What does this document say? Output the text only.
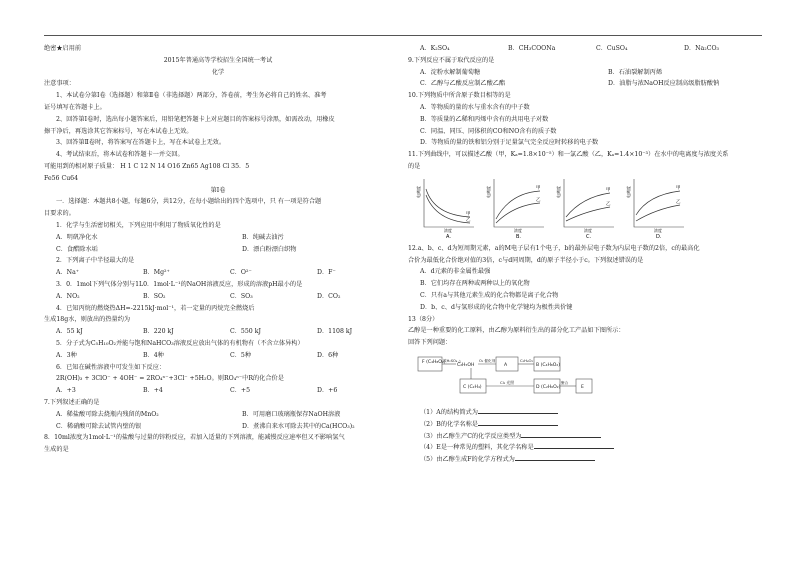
绝密★启用前
2015年普通高等学校招生全国统一考试
化学
注意事项：
1、本试卷分第Ⅰ卷（选择题）和第Ⅱ卷（非选择题）两部分，答卷前，考生务必将自己的姓名、准考
证号填写在答题卡上。
2、回答第Ⅰ卷时，选出每小题答案后，用铅笔把答题卡上对应题目的答案标号涂黑，如需改动，用橡皮
擦干净后，再选涂其它答案标号，写在本试卷上无效。
3、回答第Ⅱ卷时，将答案写在答题卡上，写在本试卷上无效。
4、考试结束后，将本试卷和答题卡一并交回。
可能用到的相对原子质量： H 1 C 12 N 14 O16 Zn65 Ag108 Cl 35．5
Fe56 Cu64
第Ⅰ卷
一．选择题：本题共8小题，每题6分，共12分，在每小题给出的四个选项中，只 有一项是符合题
目要求的。
1．化学与生活密切相关，下列应用中利用了物质氧化性的是
A．明矾净化水	B．纯碱去油污
C．食醋除水垢	D．漂白粉漂白织物
2．下列离子中半径最大的是
A．Na⁺	B．Mg²⁺	C．O²⁻	D．F⁻
3．0．1mol下列气体分别与1L0．1mol·L⁻¹的NaOH溶液反应，形成的溶液pH最小的是
A．NO₂	B．SO₂	C．SO₃	D．CO₂
4．已知丙烷的燃烧热ΔH=-2215kJ·mol⁻¹，若一定量的丙烷完全燃烧后
生成18g水，则放出的热量约为
A．55 kJ	B．220 kJ	C．550 kJ	D．1108 kJ
5．分子式为C₅H₁₀O₂并能与饱和NaHCO₃溶液反应放出气体的有机物有（不含立体异构）
A．3种	B．4种	C．5种	D．6种
6．已知在碱性溶液中可发生如下反应：
2R(OH)₃ + 3ClO⁻ + 4OH⁻ = 2RO₄ⁿ⁻+3Cl⁻ +5H₂O。则RO₄ⁿ⁻中R的化合价是
A．+3	B．+4	C．+5	D．+6
7.下列叙述正确的是
A．稀盐酸可除去烧瓶内残留的MnO₂	B．可用磨口玻璃瓶保存NaOH溶液
C．稀硝酸可除去试管内壁的银	D．煮沸自来水可除去其中的Ca(HCO₃)₂
8．10ml浓度为1mol·L⁻¹的盐酸与过量的锌粉反应，若加入适量的下列溶液，能减慢反应速率但又不影响氢气
生成的是
A．K₂SO₄	B．CH₃COONa	C．CuSO₄	D．Na₂CO₃
9.下列反应不属于取代反应的是
A．淀粉水解制葡萄糖	B．石油裂解制丙烯
C．乙醇与乙酸反应制乙酸乙酯	D．油脂与浓NaOH反应制高级脂肪酸钠
10.下列物质中所含原子数目相等的是
A．等物质的量的水与重水含有的中子数
B．等质量的乙稀和丙烯中含有的共用电子对数
C．同温、同压、同体积的CO和NO含有的质子数
D．等物质的量的铁和铝分别于足量氯气完全反应时转移的电子数
11.下列曲线中，可以描述乙酸（甲，Kₐ=1.8×10⁻⁵）和一氯乙酸（乙，Kₐ=1.4×10⁻³）在水中的电离度与浓度关系
的是
甲
乙
电离度
浓度
A.
甲
乙
电离度
浓度
B.
甲
乙
电离度
浓度
C.
甲
乙
电离度
浓度
D.
12.a、b、c、d为短周期元素，a的M电子层有1个电子，b的最外层电子数为内层电子数的2倍，c的最高化
合价为最低化合价绝对值的3倍，c与d同周期，d的原子半径小于c。下列叙述错误的是
A．d元素的非金属性最强
B．它们均存在两种或两种以上的氧化物
C．只有a与其他元素生成的化合物都是离子化合物
D．b、c、d与氢形成的化合物中化学键均为极性共价键
13（8分）
乙醇是一种重要的化工原料，由乙醇为原料衍生出的部分化工产品如下图所示：
回答下列问题：
F (C₄H₈O₂)
C₂H₅OH	A
C₂H₄O₂
B (C₄H₈O₂)
C (C₂H₄)
Cl₂ 光照
D (C₂H₆O₂)	E
浓H₂SO₄ △	O₂ 催化剂
聚合
（1）A的结构简式为
（2）B的化学名称是
（3）由乙醇生产C的化学反应类型为
（4）E是一种常见的塑料，其化学名称是
（5）由乙醇生成F的化学方程式为
